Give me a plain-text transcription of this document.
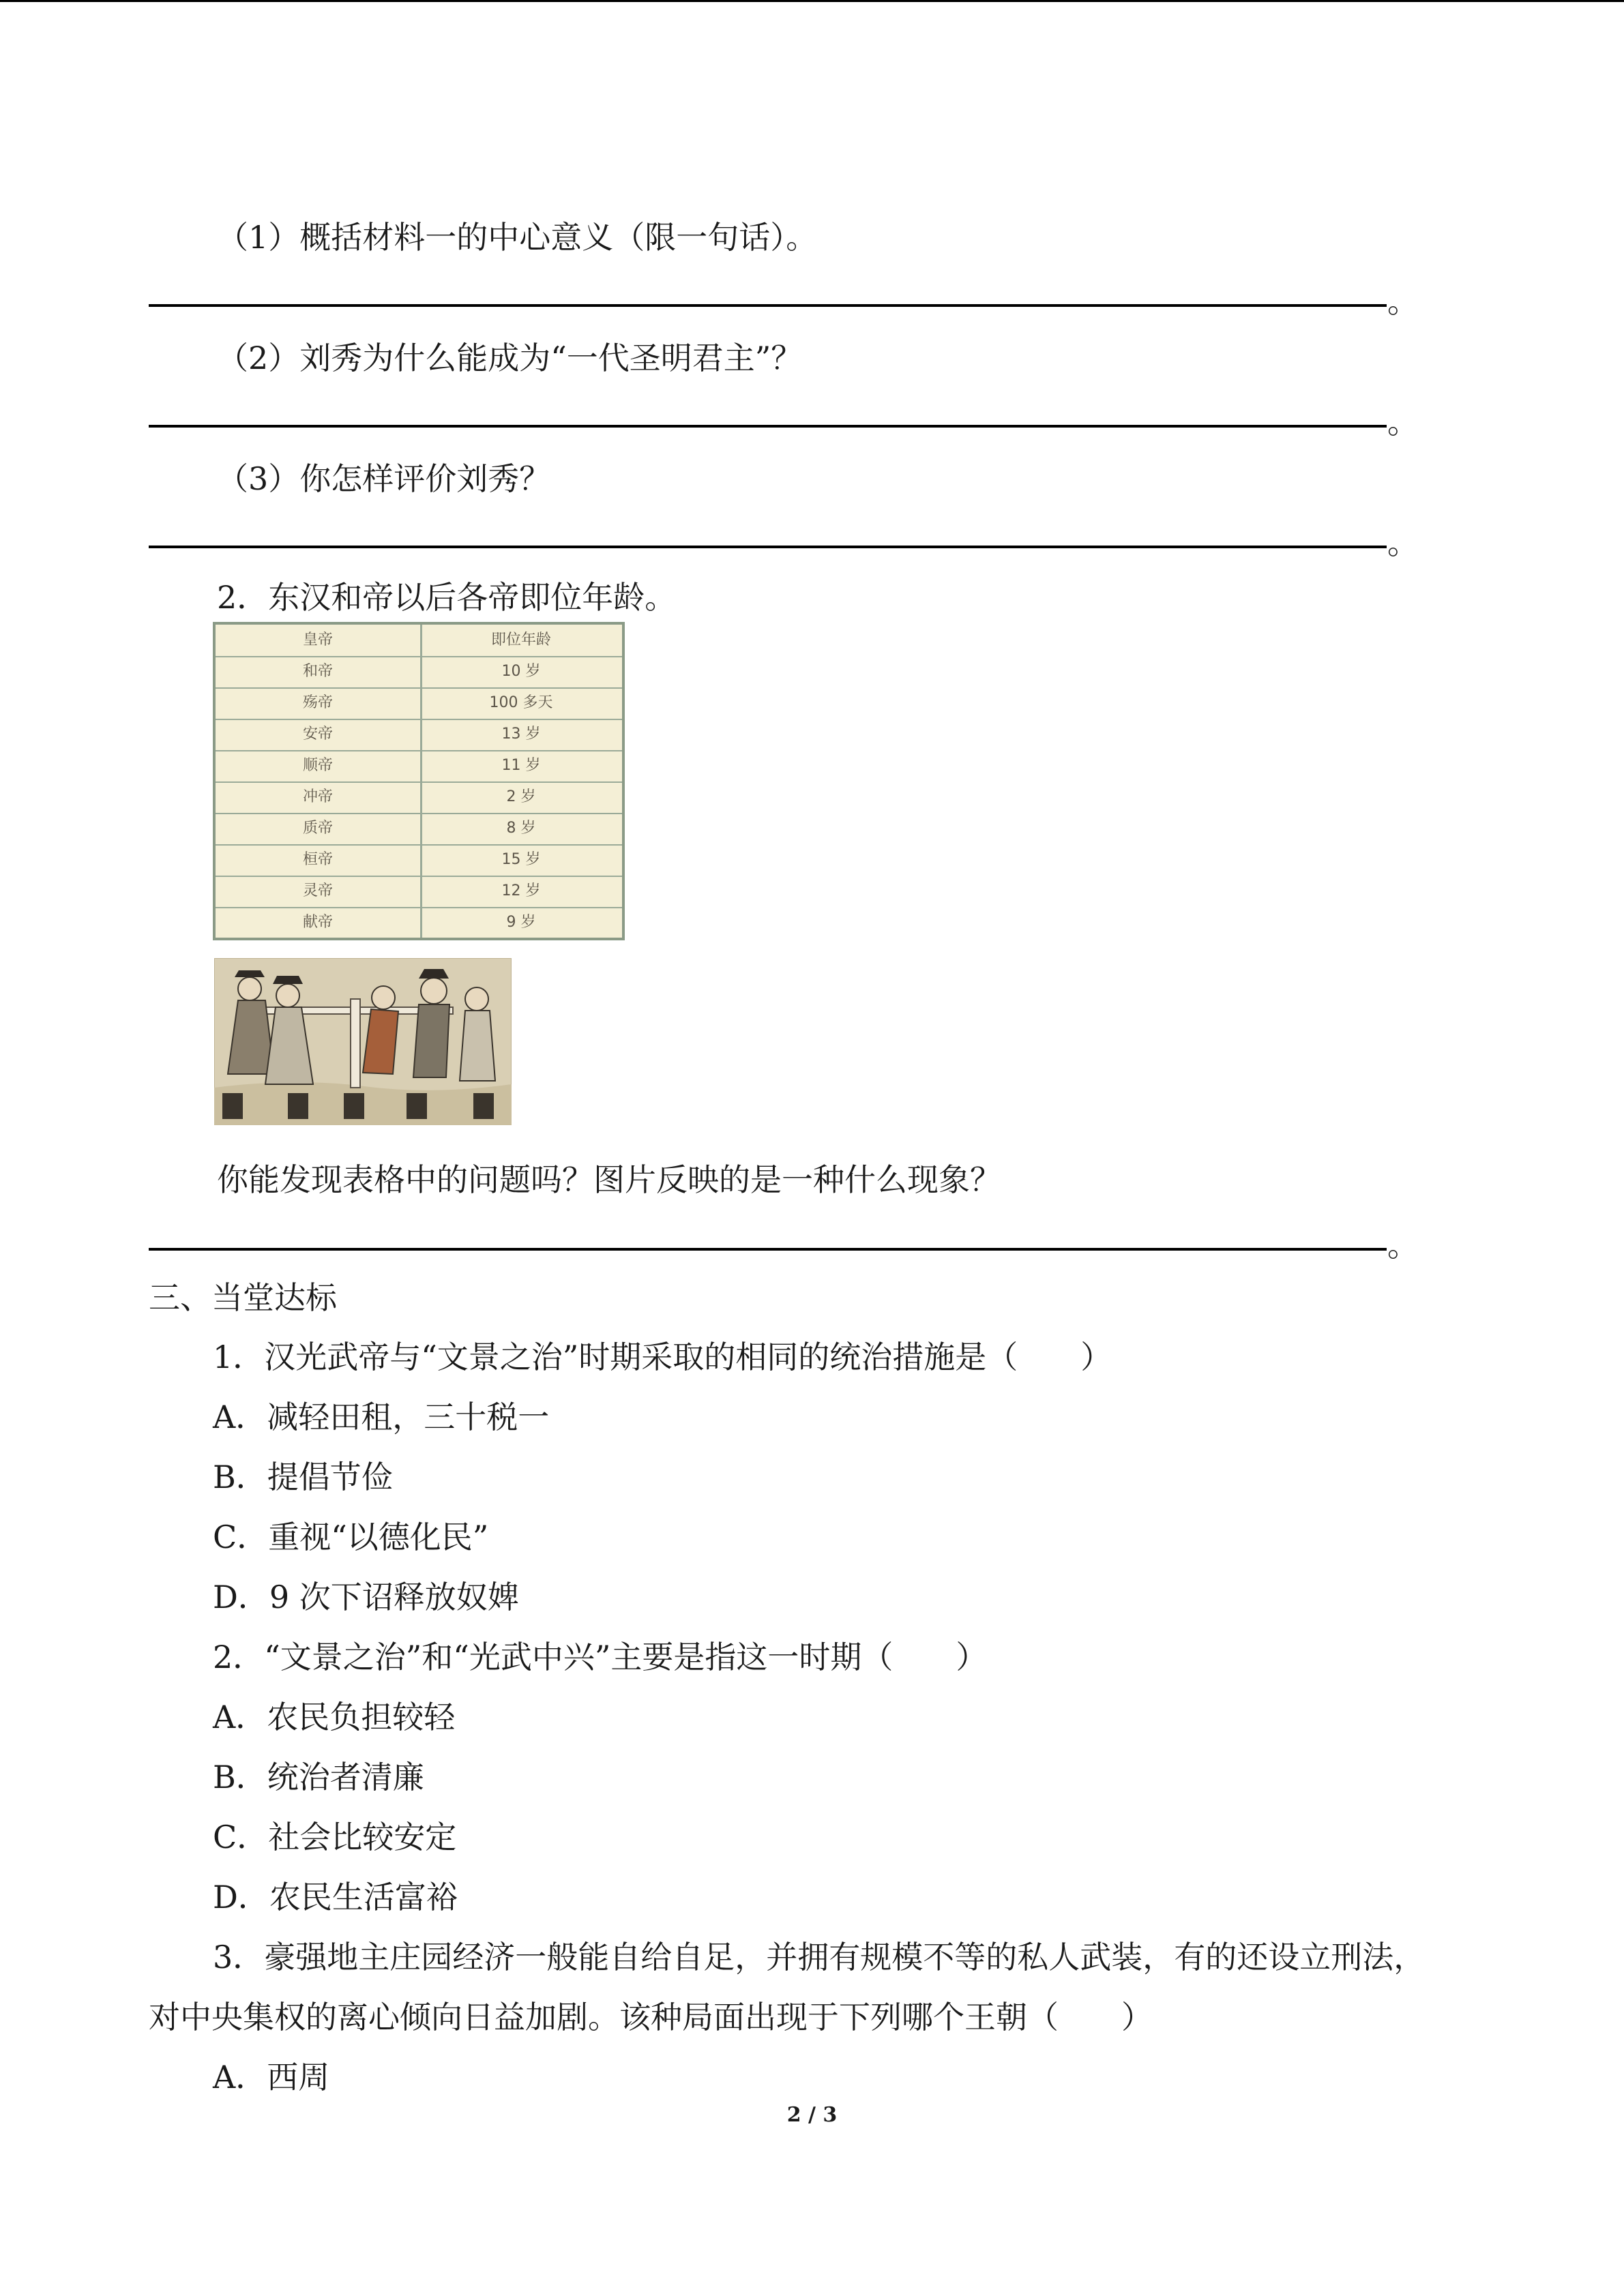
（1）概括材料一的中心意义（限一句话）。
。
（2）刘秀为什么能成为“一代圣明君主”？
。
（3）你怎样评价刘秀？
。
2．东汉和帝以后各帝即位年龄。
皇帝	即位年龄
和帝	10 岁
殇帝	100 多天
安帝	13 岁
顺帝	11 岁
冲帝	2 岁
质帝	8 岁
桓帝	15 岁
灵帝	12 岁
献帝	9 岁
你能发现表格中的问题吗？图片反映的是一种什么现象？
。
三、当堂达标
1．汉光武帝与“文景之治”时期采取的相同的统治措施是（　　）
A．减轻田租，三十税一
B．提倡节俭
C．重视“以德化民”
D．9 次下诏释放奴婢
2．“文景之治”和“光武中兴”主要是指这一时期（　　）
A．农民负担较轻
B．统治者清廉
C．社会比较安定
D．农民生活富裕
3．豪强地主庄园经济一般能自给自足，并拥有规模不等的私人武装，有的还设立刑法，
对中央集权的离心倾向日益加剧。该种局面出现于下列哪个王朝（　　）
A．西周
2 / 3
